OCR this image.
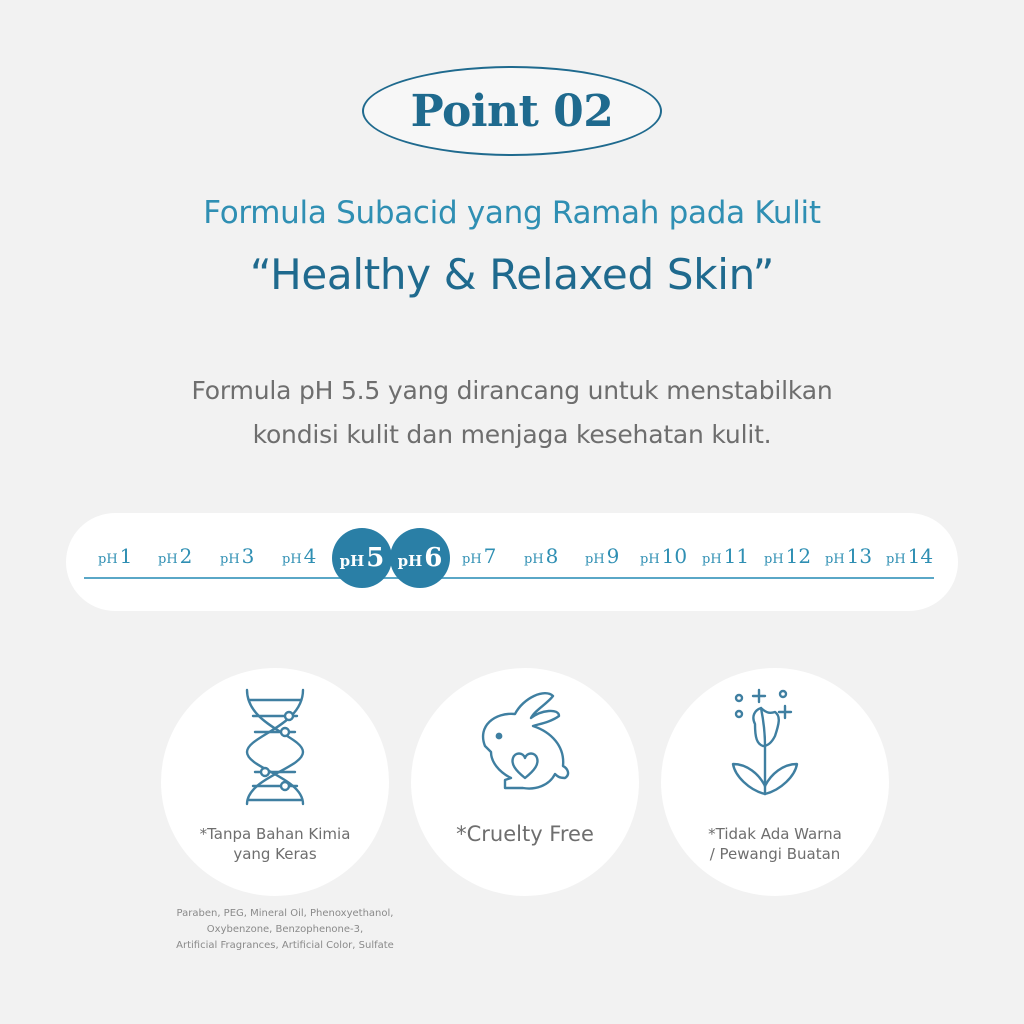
Point 02
Formula Subacid yang Ramah pada Kulit
“Healthy & Relaxed Skin”
Formula pH 5.5 yang dirancang untuk menstabilkan
kondisi kulit dan menjaga kesehatan kulit.
pH 1 pH 2 pH 3 pH 4 pH 5 pH 6 pH 7 pH 8 pH 9 pH 10 pH 11 pH 12 pH 13 pH 14
*Tanpa Bahan Kimia
yang Keras
*Cruelty Free	*Tidak Ada Warna
/ Pewangi Buatan
Paraben, PEG, Mineral Oil, Phenoxyethanol,
Oxybenzone, Benzophenone-3,
Artificial Fragrances, Artificial Color, Sulfate
